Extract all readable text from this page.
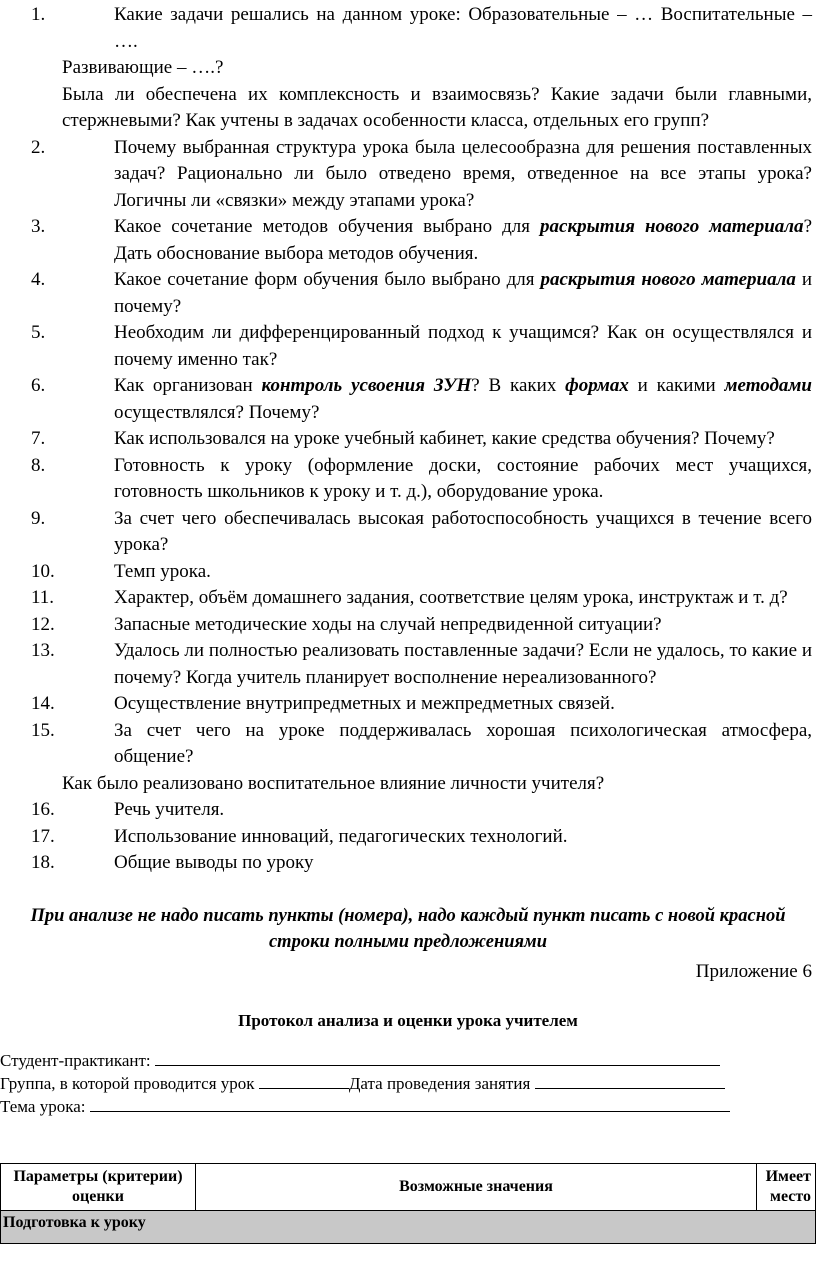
1.	Какие задачи решались на данном уроке: Образовательные – … Воспитательные – ….
Развивающие – ….?
Была ли обеспечена их комплексность и взаимосвязь? Какие задачи были главными, стержневыми? Как учтены в задачах особенности класса, отдельных его групп?
2.	Почему выбранная структура урока была целесообразна для решения поставленных задач? Рационально ли было отведено время, отведенное на все этапы урока? Логичны ли «связки» между этапами урока?
3.	Какое сочетание методов обучения выбрано для раскрытия нового материала? Дать обоснование выбора методов обучения.
4.	Какое сочетание форм обучения было выбрано для раскрытия нового материала и почему?
5.	Необходим ли дифференцированный подход к учащимся? Как он осуществлялся и почему именно так?
6.	Как организован контроль усвоения ЗУН? В каких формах и какими методами осуществлялся? Почему?
7.	Как использовался на уроке учебный кабинет, какие средства обучения? Почему?
8.	Готовность к уроку (оформление доски, состояние рабочих мест учащихся, готовность школьников к уроку и т. д.), оборудование урока.
9.	За счет чего обеспечивалась высокая работоспособность учащихся в течение всего урока?
10.	Темп урока.
11.	Характер, объём домашнего задания, соответствие целям урока, инструктаж и т. д?
12.	Запасные методические ходы на случай непредвиденной ситуации?
13.	Удалось ли полностью реализовать поставленные задачи? Если не удалось, то какие и почему? Когда учитель планирует восполнение нереализованного?
14.	Осуществление внутрипредметных и межпредметных связей.
15.	За счет чего на уроке поддерживалась хорошая психологическая атмосфера, общение?
Как было реализовано воспитательное влияние личности учителя?
16.	Речь учителя.
17.	Использование инноваций, педагогических технологий.
18.	Общие выводы по уроку
При анализе не надо писать пункты (номера), надо каждый пункт писать с новой красной строки полными предложениями
Приложение 6
Протокол анализа и оценки урока учителем
Студент-практикант:
Группа, в которой проводится урок	Дата проведения занятия
Тема урока:
Параметры (критерии) оценки	Возможные значения	Имеет место
Подготовка к уроку
